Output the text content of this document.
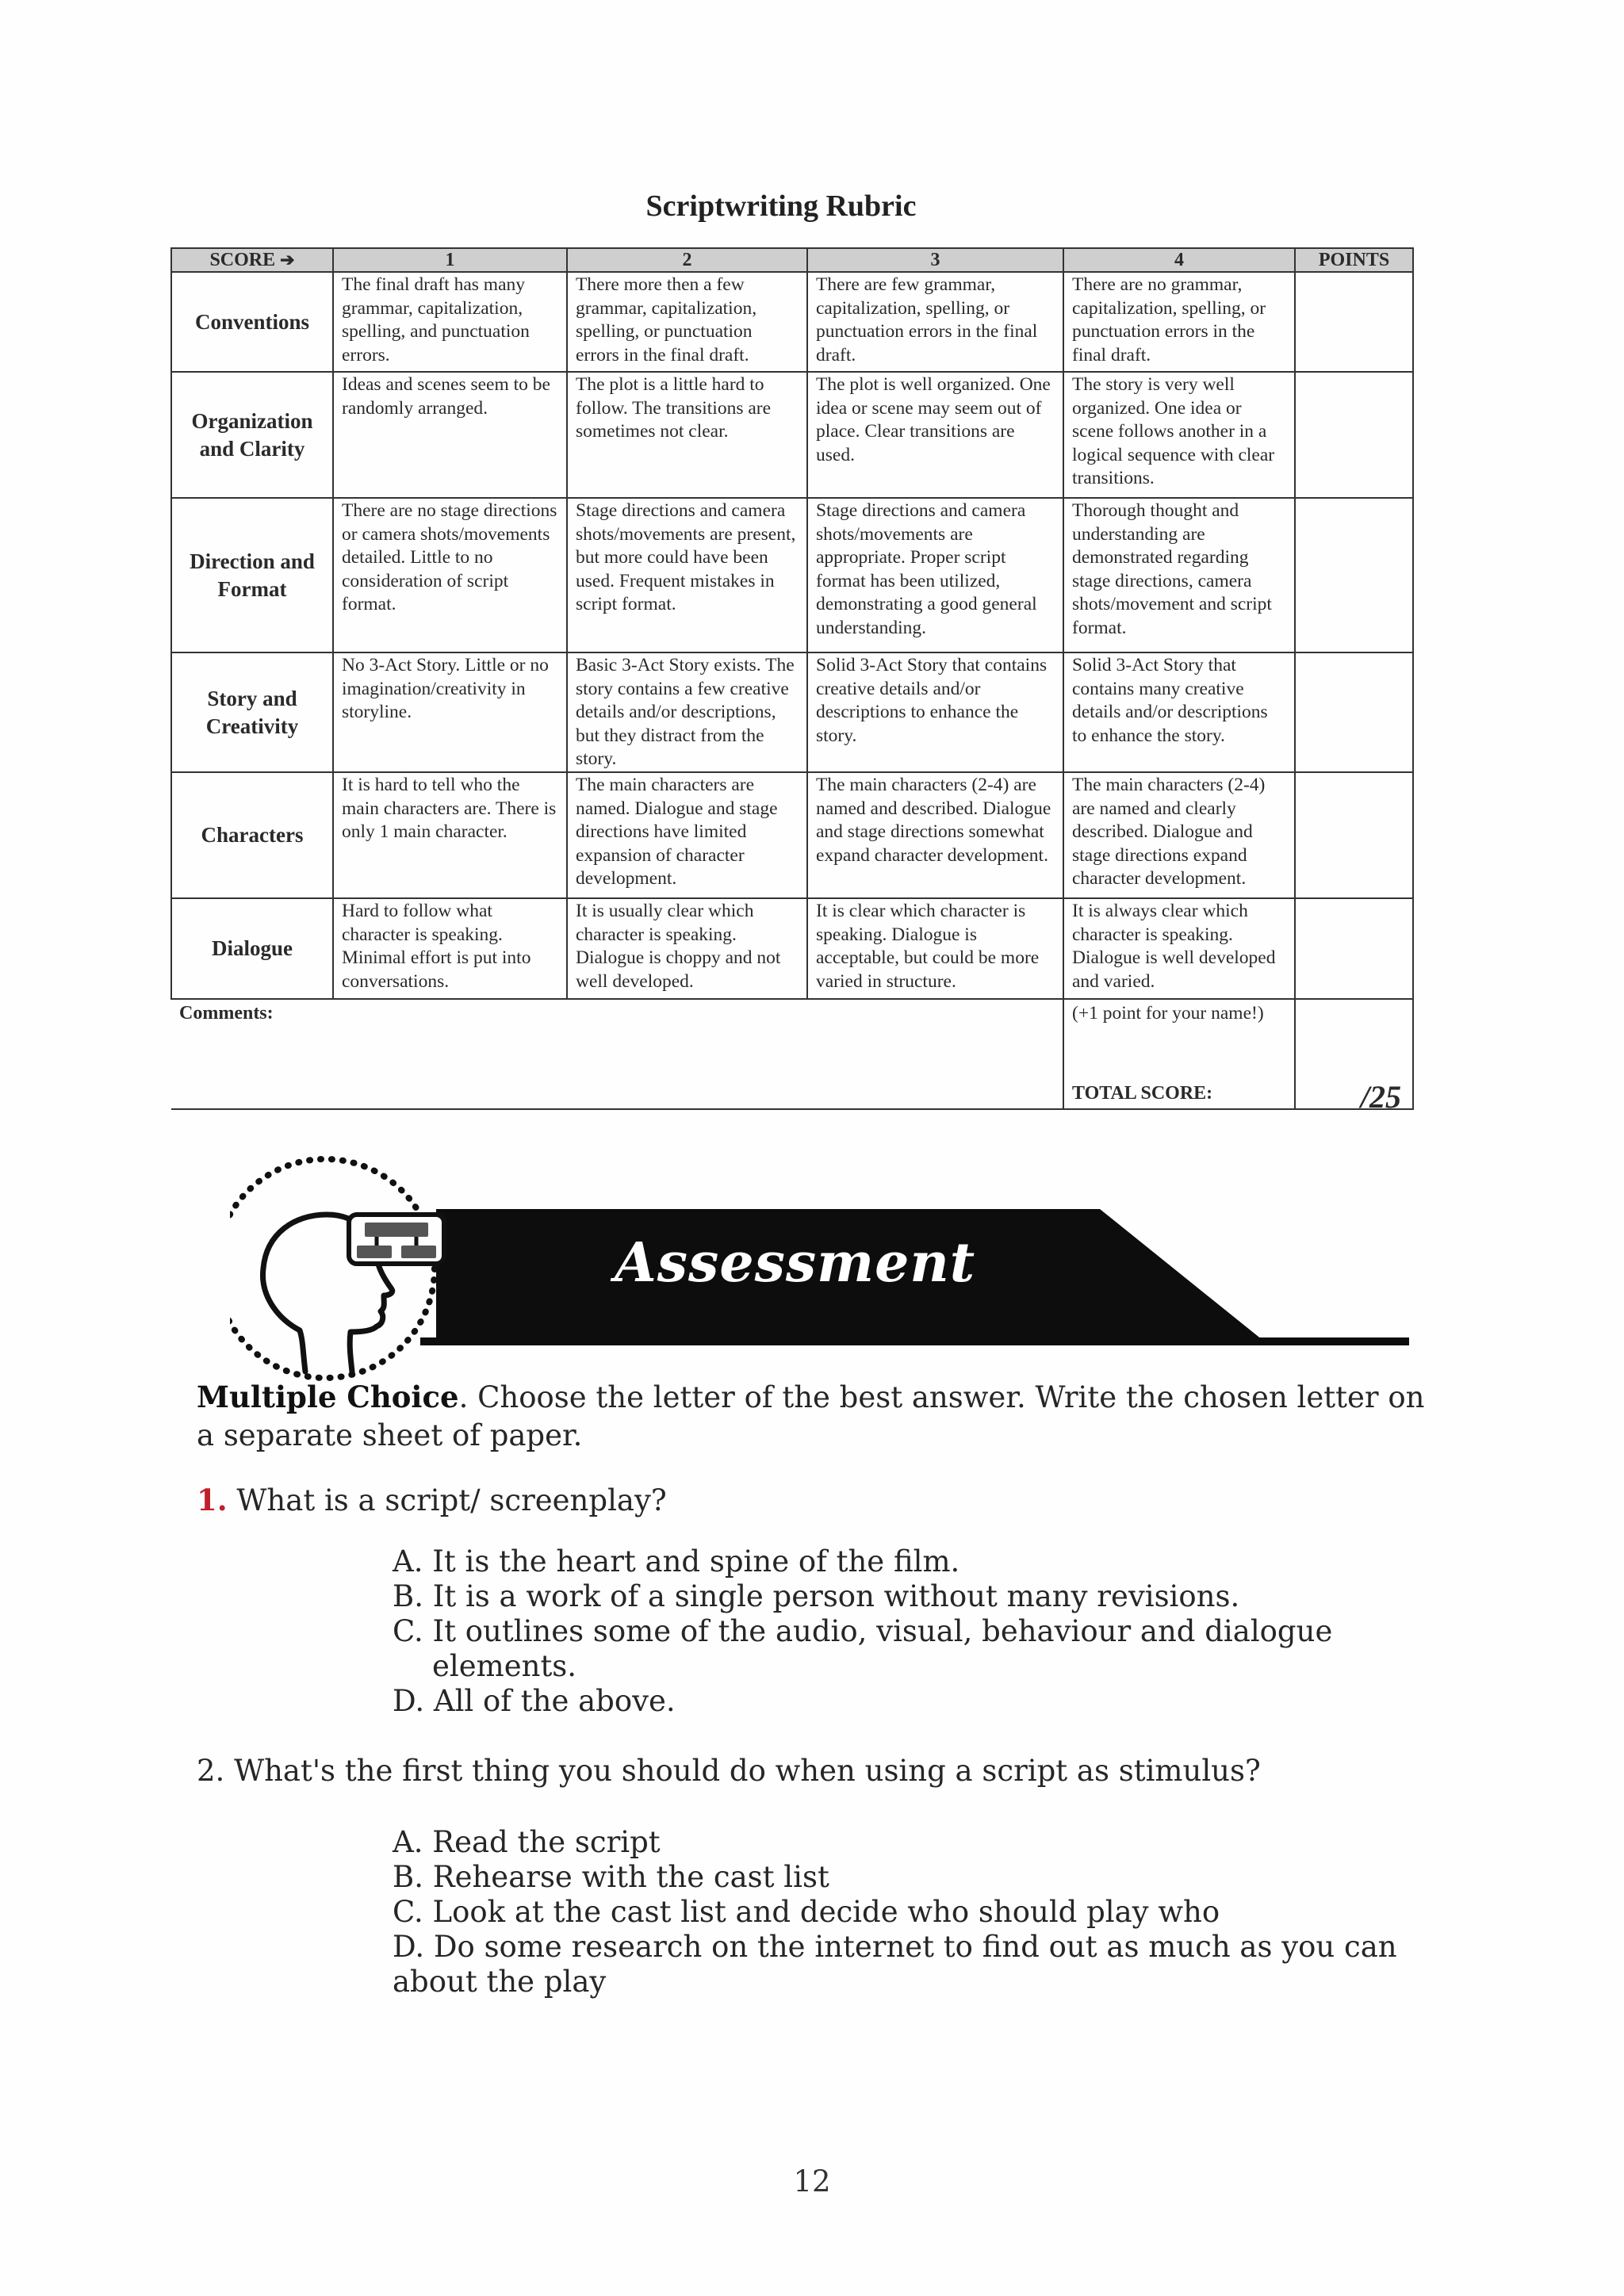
Scriptwriting Rubric
SCORE ➔	1	2	3	4	POINTS
Conventions	The final draft has many grammar, capitalization, spelling, and punctuation errors.	There more then a few grammar, capitalization, spelling, or punctuation errors in the final draft.	There are few grammar, capitalization, spelling, or punctuation errors in the final draft.	There are no grammar, capitalization, spelling, or punctuation errors in the final draft.	
Organization and Clarity	Ideas and scenes seem to be randomly arranged.	The plot is a little hard to follow. The transitions are sometimes not clear.	The plot is well organized. One idea or scene may seem out of place. Clear transitions are used.	The story is very well organized. One idea or scene follows another in a logical sequence with clear transitions.	
Direction and Format	There are no stage directions or camera shots/movements detailed. Little to no consideration of script format.	Stage directions and camera shots/movements are present, but more could have been used. Frequent mistakes in script format.	Stage directions and camera shots/movements are appropriate. Proper script format has been utilized, demonstrating a good general understanding.	Thorough thought and understanding are demonstrated regarding stage directions, camera shots/movement and script format.	
Story and Creativity	No 3-Act Story. Little or no imagination/creativity in storyline.	Basic 3-Act Story exists. The story contains a few creative details and/or descriptions, but they distract from the story.	Solid 3-Act Story that contains creative details and/or descriptions to enhance the story.	Solid 3-Act Story that contains many creative details and/or descriptions to enhance the story.	
Characters	It is hard to tell who the main characters are. There is only 1 main character.	The main characters are named. Dialogue and stage directions have limited expansion of character development.	The main characters (2-4) are named and described. Dialogue and stage directions somewhat expand character development.	The main characters (2-4) are named and clearly described. Dialogue and stage directions expand character development.	
Dialogue	Hard to follow what character is speaking. Minimal effort is put into conversations.	It is usually clear which character is speaking. Dialogue is choppy and not well developed.	It is clear which character is speaking. Dialogue is acceptable, but could be more varied in structure.	It is always clear which character is speaking. Dialogue is well developed and varied.	

Comments:				(+1 point for your name!)
TOTAL SCORE:	/25
Assessment
Multiple Choice. Choose the letter of the best answer. Write the chosen letter on a separate sheet of paper.
1. What is a script/ screenplay?
A. It is the heart and spine of the film.
B. It is a work of a single person without many revisions.
C. It outlines some of the audio, visual, behaviour and dialogue elements.
D. All of the above.
2. What's the first thing you should do when using a script as stimulus?
A. Read the script
B. Rehearse with the cast list
C. Look at the cast list and decide who should play who
D. Do some research on the internet to find out as much as you can about the play
12
